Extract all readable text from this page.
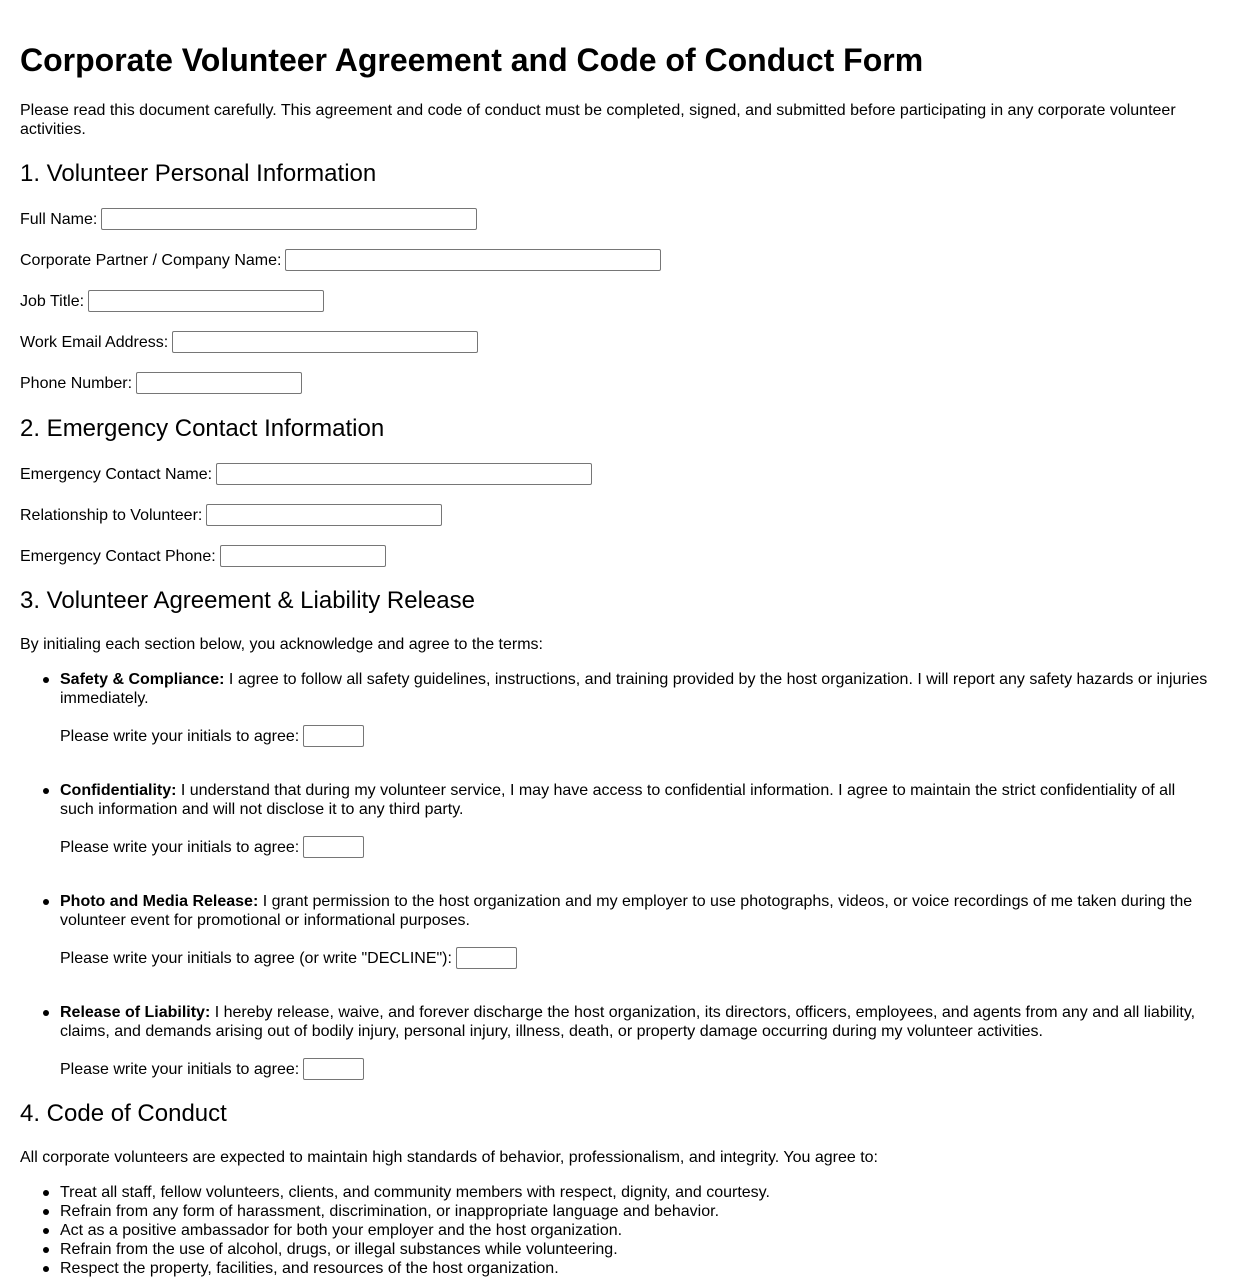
Corporate Volunteer Agreement and Code of Conduct Form

Please read this document carefully. This agreement and code of conduct must be completed, signed, and submitted before participating in any corporate volunteer activities.

1. Volunteer Personal Information
Full Name:
Corporate Partner / Company Name:
Job Title:
Work Email Address:
Phone Number:
2. Emergency Contact Information
Emergency Contact Name:
Relationship to Volunteer:
Emergency Contact Phone:
3. Volunteer Agreement & Liability Release

By initialing each section below, you acknowledge and agree to the terms:

Safety & Compliance: I agree to follow all safety guidelines, instructions, and training provided by the host organization. I will report any safety hazards or injuries immediately.
Please write your initials to agree:
Confidentiality: I understand that during my volunteer service, I may have access to confidential information. I agree to maintain the strict confidentiality of all such information and will not disclose it to any third party.
Please write your initials to agree:
Photo and Media Release: I grant permission to the host organization and my employer to use photographs, videos, or voice recordings of me taken during the volunteer event for promotional or informational purposes.
Please write your initials to agree (or write "DECLINE"):
Release of Liability: I hereby release, waive, and forever discharge the host organization, its directors, officers, employees, and agents from any and all liability, claims, and demands arising out of bodily injury, personal injury, illness, death, or property damage occurring during my volunteer activities.
Please write your initials to agree:
4. Code of Conduct

All corporate volunteers are expected to maintain high standards of behavior, professionalism, and integrity. You agree to:

Treat all staff, fellow volunteers, clients, and community members with respect, dignity, and courtesy.
Refrain from any form of harassment, discrimination, or inappropriate language and behavior.
Act as a positive ambassador for both your employer and the host organization.
Refrain from the use of alcohol, drugs, or illegal substances while volunteering.
Respect the property, facilities, and resources of the host organization.
